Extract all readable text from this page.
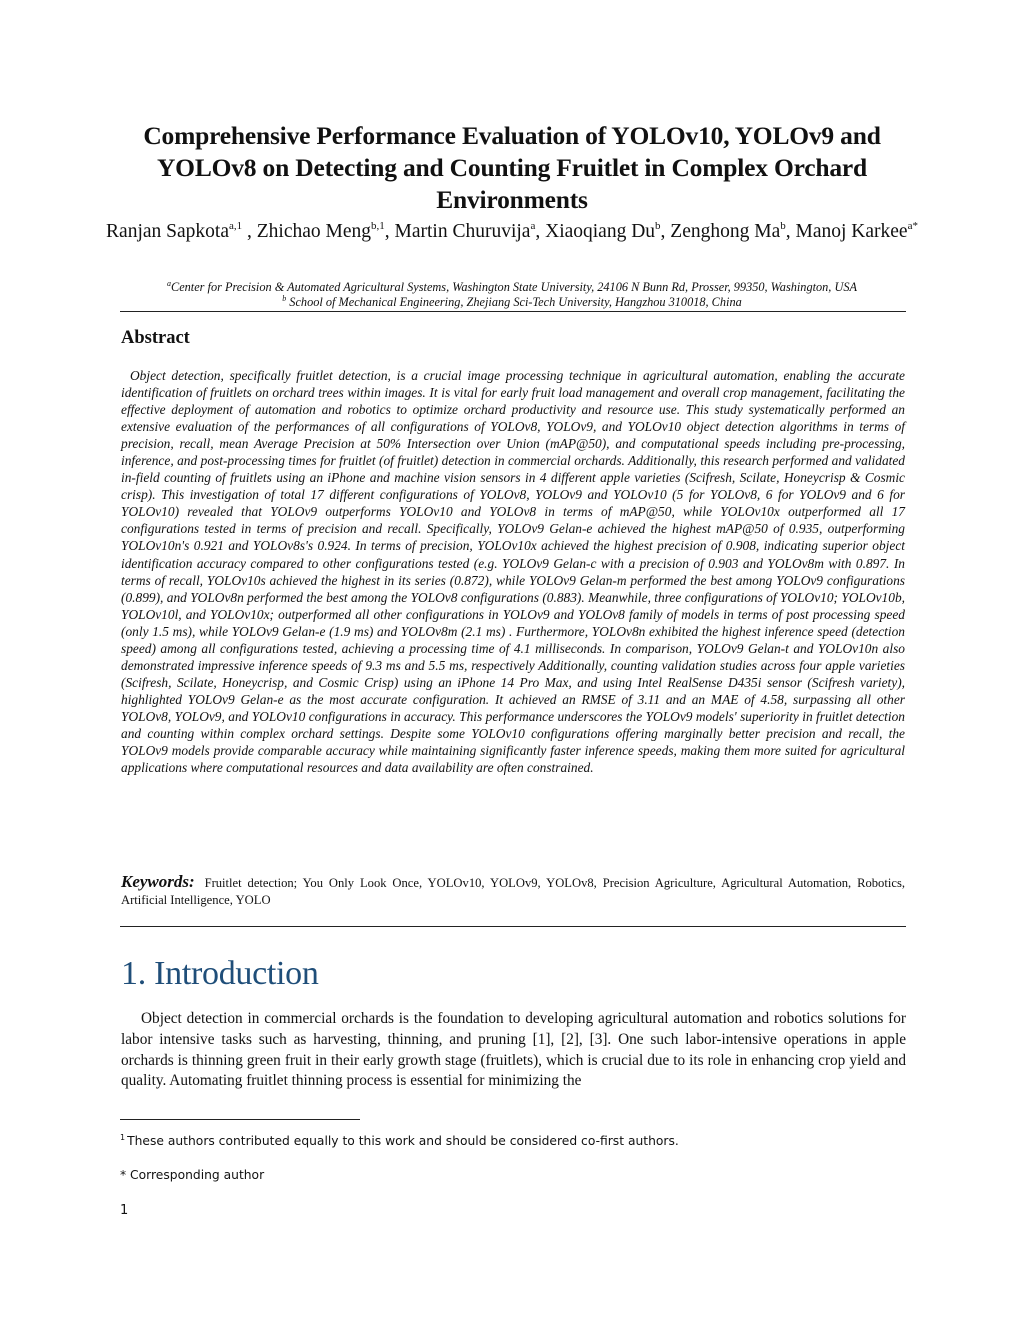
Comprehensive Performance Evaluation of YOLOv10, YOLOv9 and YOLOv8 on Detecting and Counting Fruitlet in Complex Orchard Environments
Ranjan Sapkota$^{a,1}$ , Zhichao Meng$^{b,1}$, Martin Churuvija$^a$, Xiaoqiang Du$^b$, Zenghong Ma$^b$, Manoj Karkee$^{a*}$
$^a$Center for Precision & Automated Agricultural Systems, Washington State University, 24106 N Bunn Rd, Prosser, 99350, Washington, USA
$^b$ School of Mechanical Engineering, Zhejiang Sci-Tech University, Hangzhou 310018, China
Abstract
Object detection, specifically fruitlet detection, is a crucial image processing technique in agricultural automation, enabling the accurate identification of fruitlets on orchard trees within images. It is vital for early fruit load management and overall crop management, facilitating the effective deployment of automation and robotics to optimize orchard productivity and resource use. This study systematically performed an extensive evaluation of the performances of all configurations of YOLOv8, YOLOv9, and YOLOv10 object detection algorithms in terms of precision, recall, mean Average Precision at 50% Intersection over Union (mAP@50), and computational speeds including pre-processing, inference, and post-processing times for fruitlet (of fruitlet) detection in commercial orchards. Additionally, this research performed and validated in-field counting of fruitlets using an iPhone and machine vision sensors in 4 different apple varieties (Scifresh, Scilate, Honeycrisp & Cosmic crisp). This investigation of total 17 different configurations of YOLOv8, YOLOv9 and YOLOv10 (5 for YOLOv8, 6 for YOLOv9 and 6 for YOLOv10) revealed that YOLOv9 outperforms YOLOv10 and YOLOv8 in terms of mAP@50, while YOLOv10x outperformed all 17 configurations tested in terms of precision and recall. Specifically, YOLOv9 Gelan-e achieved the highest mAP@50 of 0.935, outperforming YOLOv10n's 0.921 and YOLOv8s's 0.924. In terms of precision, YOLOv10x achieved the highest precision of 0.908, indicating superior object identification accuracy compared to other configurations tested (e.g. YOLOv9 Gelan-c with a precision of 0.903 and YOLOv8m with 0.897. In terms of recall, YOLOv10s achieved the highest in its series (0.872), while YOLOv9 Gelan-m performed the best among YOLOv9 configurations (0.899), and YOLOv8n performed the best among the YOLOv8 configurations (0.883). Meanwhile, three configurations of YOLOv10; YOLOv10b, YOLOv10l, and YOLOv10x; outperformed all other configurations in YOLOv9 and YOLOv8 family of models in terms of post processing speed (only 1.5 ms), while YOLOv9 Gelan-e (1.9 ms) and YOLOv8m (2.1 ms) . Furthermore, YOLOv8n exhibited the highest inference speed (detection speed) among all configurations tested, achieving a processing time of 4.1 milliseconds. In comparison, YOLOv9 Gelan-t and YOLOv10n also demonstrated impressive inference speeds of 9.3 ms and 5.5 ms, respectively Additionally, counting validation studies across four apple varieties (Scifresh, Scilate, Honeycrisp, and Cosmic Crisp) using an iPhone 14 Pro Max, and using Intel RealSense D435i sensor (Scifresh variety), highlighted YOLOv9 Gelan-e as the most accurate configuration. It achieved an RMSE of 3.11 and an MAE of 4.58, surpassing all other YOLOv8, YOLOv9, and YOLOv10 configurations in accuracy. This performance underscores the YOLOv9 models' superiority in fruitlet detection and counting within complex orchard settings. Despite some YOLOv10 configurations offering marginally better precision and recall, the YOLOv9 models provide comparable accuracy while maintaining significantly faster inference speeds, making them more suited for agricultural applications where computational resources and data availability are often constrained.
Keywords: Fruitlet detection; You Only Look Once, YOLOv10, YOLOv9, YOLOv8, Precision Agriculture, Agricultural Automation, Robotics, Artificial Intelligence, YOLO
1. Introduction
Object detection in commercial orchards is the foundation to developing agricultural automation and robotics solutions for labor intensive tasks such as harvesting, thinning, and pruning [1], [2], [3]. One such labor-intensive operations in apple orchards is thinning green fruit in their early growth stage (fruitlets), which is crucial due to its role in enhancing crop yield and quality. Automating fruitlet thinning process is essential for minimizing the
$^1$ These authors contributed equally to this work and should be considered co-first authors.
* Corresponding author
1
